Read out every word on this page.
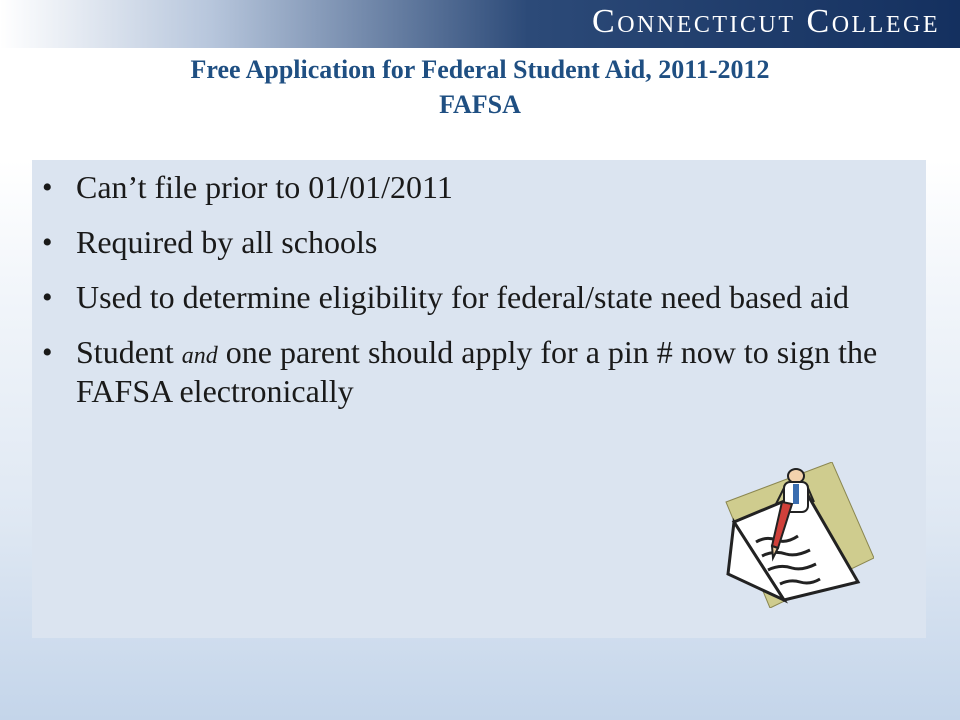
Connecticut College
Free Application for Federal Student Aid, 2011-2012
FAFSA
• Can’t file prior to 01/01/2011
• Required by all schools
• Used to determine eligibility for federal/state need based aid
• Student and one parent should apply for a pin # now to sign the FAFSA electronically
